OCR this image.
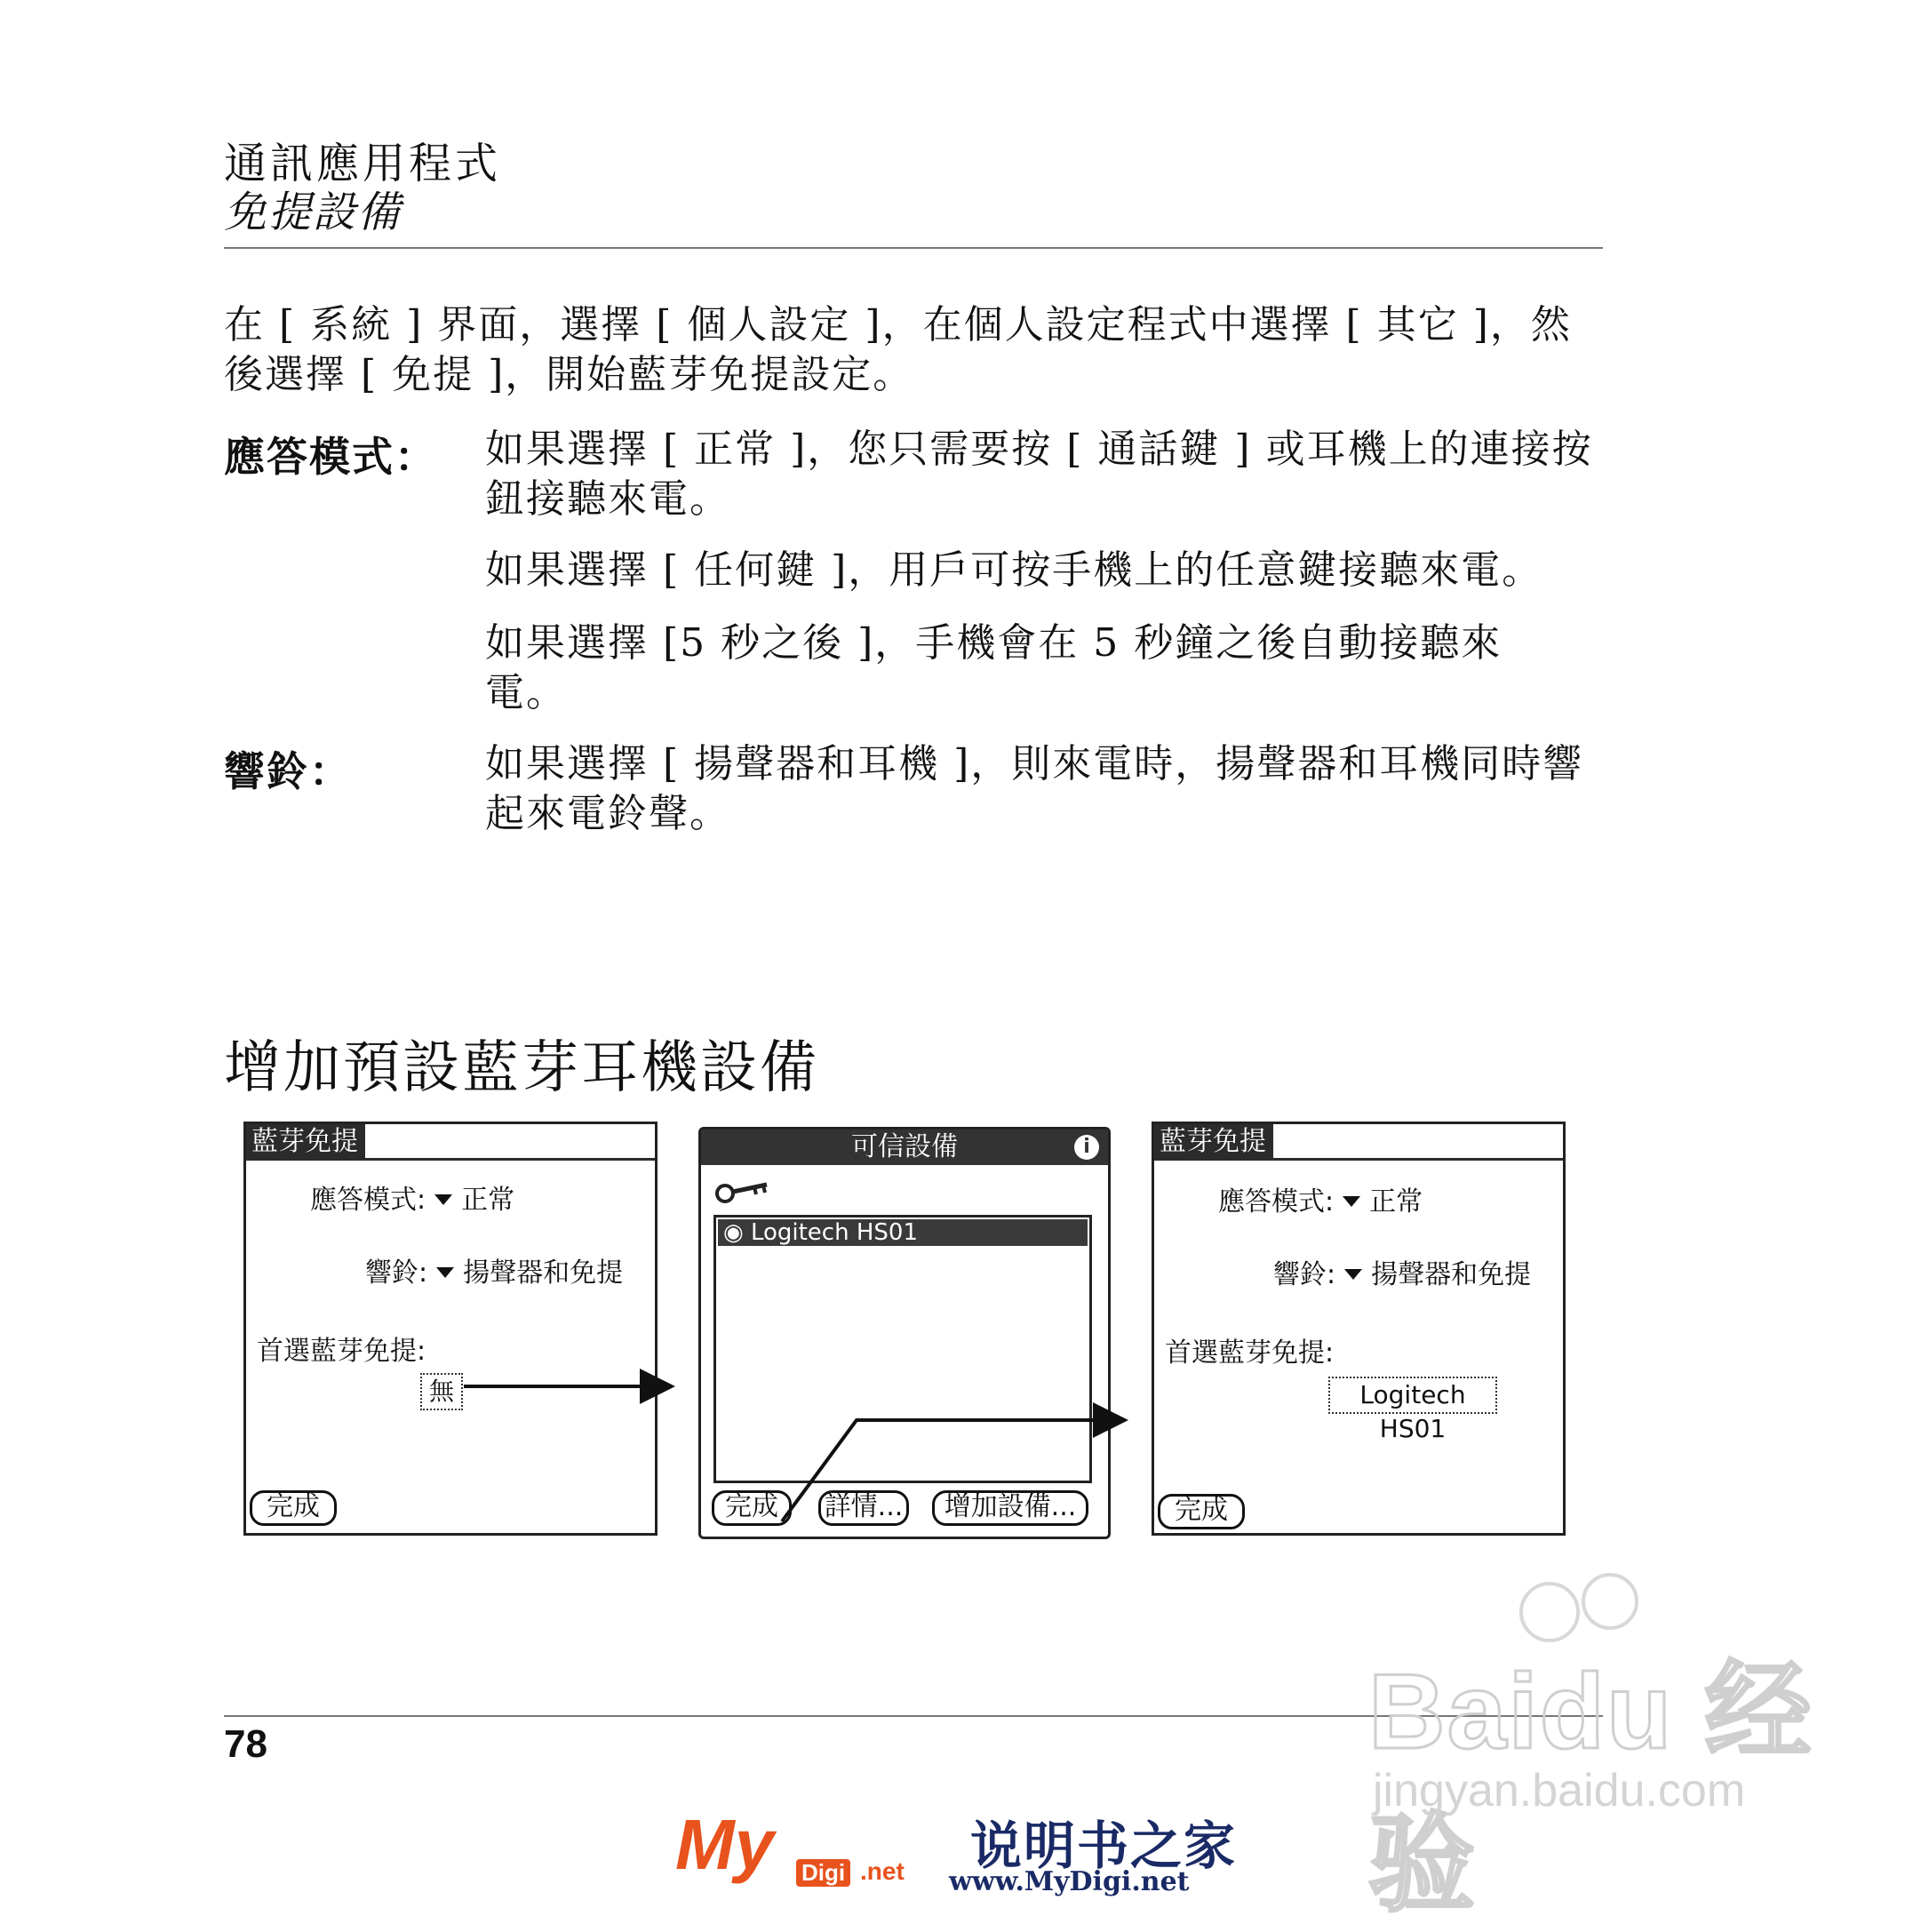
通訊應用程式
免提設備
在 [ 系統 ] 界面，選擇 [ 個人設定 ]，在個人設定程式中選擇 [ 其它 ]，然後選擇 [ 免提 ]，開始藍芽免提設定。
應答模式： 如果選擇 [ 正常 ]，您只需要按 [ 通話鍵 ] 或耳機上的連接按鈕接聽來電。
如果選擇 [ 任何鍵 ]，用戶可按手機上的任意鍵接聽來電。
如果選擇 [5 秒之後 ]，手機會在 5 秒鐘之後自動接聽來電。
響鈴：	如果選擇 [ 揚聲器和耳機 ]，則來電時，揚聲器和耳機同時響起來電鈴聲。
增加預設藍芽耳機設備
藍芽免提
應答模式: 正常
響鈴: 揚聲器和免提
首選藍芽免提:
無
完成
可信設備	i
◉ Logitech HS01
完成	詳情...	增加設備...
藍芽免提
應答模式: 正常
響鈴: 揚聲器和免提
首選藍芽免提:
Logitech HS01
完成
78	Baidu 经验
jingyan.baidu.com
My Digi .net 说明书之家
www.MyDigi.net
